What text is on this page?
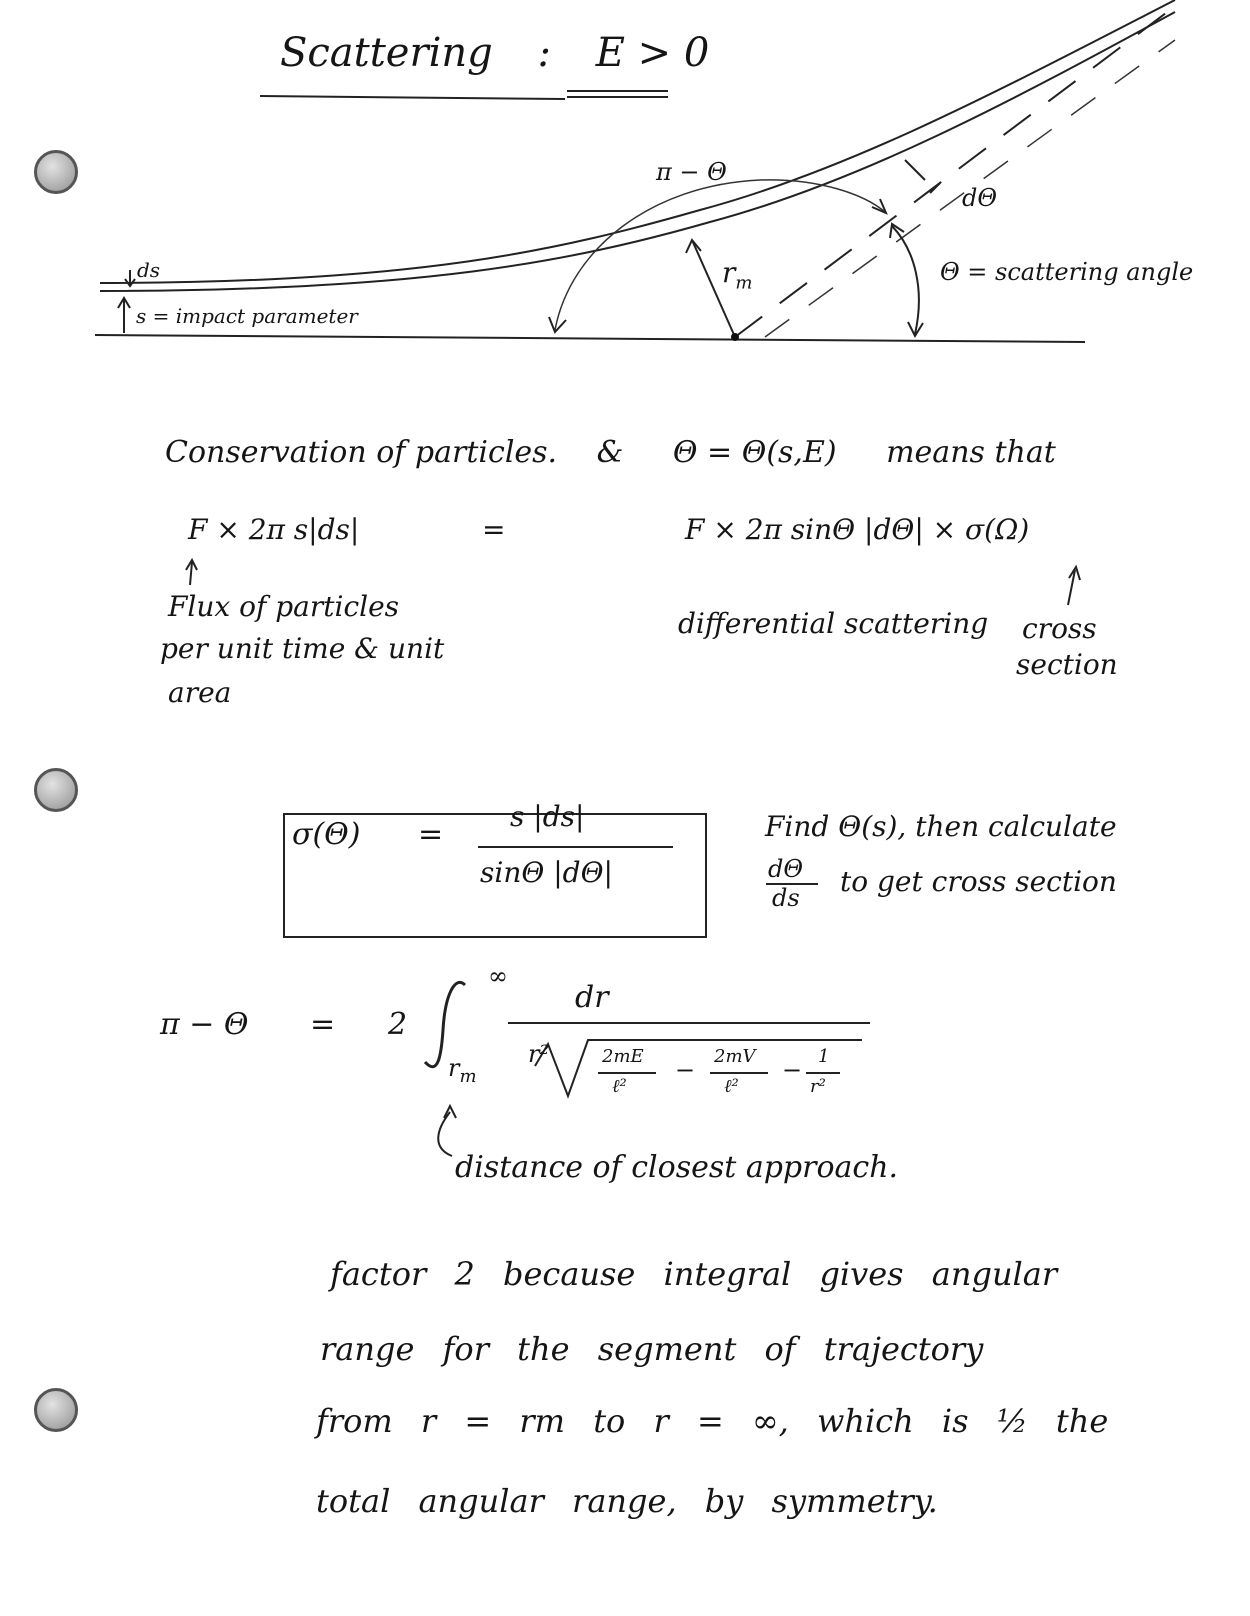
Scattering : E > 0
π − Θ
dΘ
ds
s = impact parameter
$r_m$	Θ = scattering angle
Conservation of particles. & Θ = Θ(s,E) means that
F × 2π s|ds|	=	F × 2π sinΘ |dΘ| × σ(Ω)
Flux of particles
per unit time & unit
area
differential scattering cross
section
σ(Θ) =
s |ds|
sinΘ |dΘ|
Find Θ(s), then calculate
dΘ
ds to get cross section
π − Θ = 2
∞
$r_m$
dr
r²	2mE
ℓ²
− 2mV
ℓ²
− 1
r²
distance of closest approach.
factor 2 because integral gives angular
range for the segment of trajectory
from r = rm to r = ∞, which is ½ the
total angular range, by symmetry.
